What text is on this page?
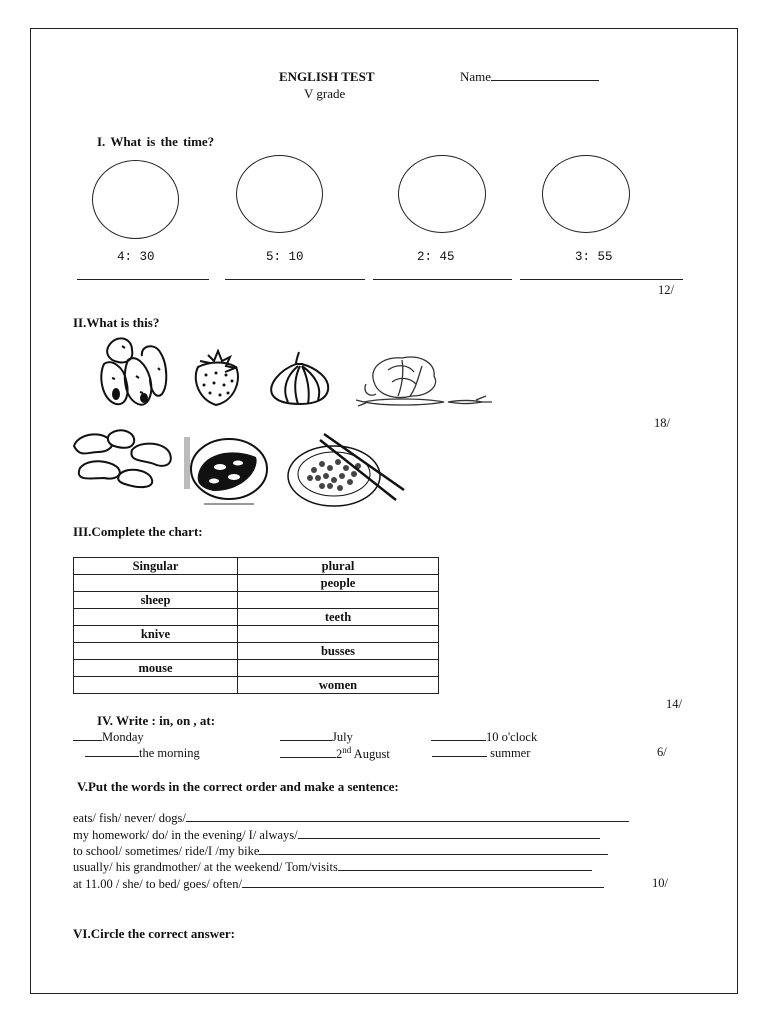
ENGLISH TEST	Name
V grade
I. What is the time?
4: 30	5: 10	2: 45	3: 55
12/
II.What is this?
18/
III.Complete the chart:
Singular	plural
	people
sheep	
	teeth
knive	
	busses
mouse	
	women
14/
IV. Write : in, on , at:
Monday	July	10 o'clock
the morning	2nd August	summer	6/
V.Put the words in the correct order and make a sentence:
eats/ fish/ never/ dogs/
my homework/ do/ in the evening/ I/ always/
to school/ sometimes/ ride/I /my bike
usually/ his grandmother/ at the weekend/ Tom/visits
at 11.00 / she/ to bed/ goes/ often/	10/
VI.Circle the correct answer:
